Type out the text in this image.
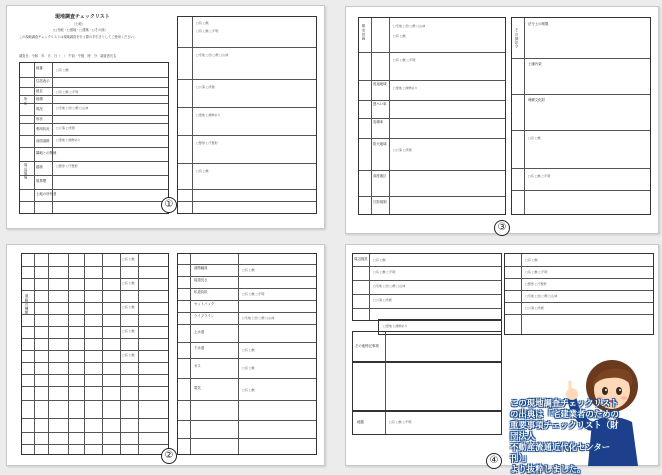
現地調査チェックリスト
（土地）
（□売地・□借地・□建築・□その他）
この現地調査チェックリストは現地調査を行う際の手引きとしてご使用ください。
調査日：令和　年　月　日（　）　午前・午後　時　分　調査者氏名
所在
周辺環境
地番
住居表示
地目
地積
現況
形状
利用状況
前面道路
隣地との関係
越境
境界標
土地の所有者
□有 □無
□有 □無 □不明
□宅地 □田 □畑 □山林
□公簿 □実測
□更地 □建物あり
□整形 □不整形
□有 □無
□有 □無 □不明
□宅地 □田 □畑 □山林
□公簿 □実測
□更地 □建物あり
□整形 □不整形
□有 □無
①
都市計画
用途地域
建ぺい率
容積率
防火地域
高度地区
日影規制
□宅地 □田 □畑 □山林
□有 □無
□有 □無 □不明
□更地 □建物あり
□公簿 □実測
その他法令
法令上の制限
土壌汚染
埋蔵文化財
□有 □無
□有 □無 □不明
③
道路の種類
□有 □無
□有 □無
□有 □無
□有 □無
□有 □無
道路幅員
接道長さ
私道負担
セットバック
ライフライン
上水道
下水道
ガス
電気
□有 □無
□有 □無 □不明
□宅地 □田 □畑 □山林
□有 □無
□有 □無
□有 □無
②
周辺施設 □有 □無
□有 □無 □不明
□宅地 □田 □畑 □山林
□公簿 □実測
□更地 □建物あり
□有 □無
□有 □無 □不明
□整形 □不整形
□宅地 □田 □畑 □山林
□公簿 □実測
その他特記事項
地盤	□有 □無 □不明
④
この現地調査チェックリスト
の出典は「宅建業者のための
重要事項チェックリスト（財団法人
不動産流通近代化センター刊）」
より抜粋しました。
